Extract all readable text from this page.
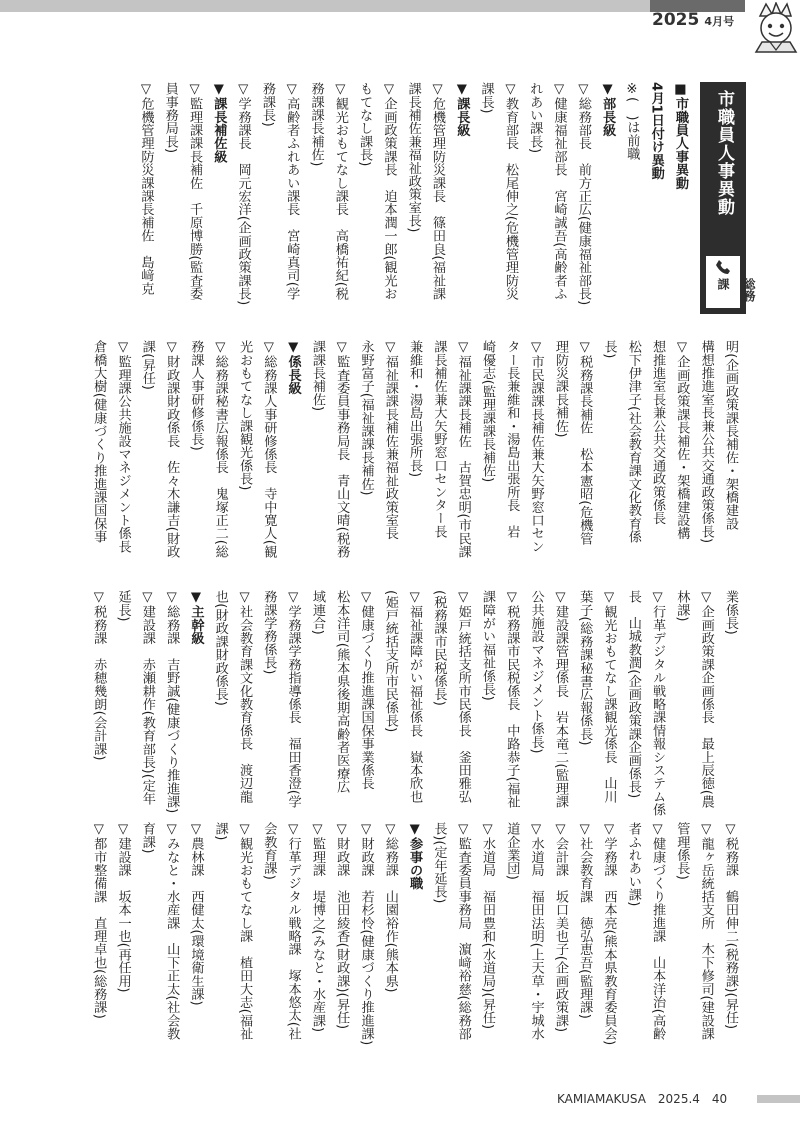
2025 4月号
市職員人事異動
総務課
明(企画政策課長補佐・架橋建設
構想推進室長兼公共交通政策係長)
▽企画政策課長補佐・架橋建設構
想推進室長兼公共交通政策係長
松下伊津子(社会教育課文化教育係
長)
▽税務課長補佐　松本憲昭(危機管
理防災課長補佐)
▽市民課課長補佐兼大矢野窓口セン
ター長兼維和・湯島出張所長　岩
崎優志(監理課課長補佐)
▽福祉課課長補佐　古賀忠明(市民課
課長補佐兼大矢野窓口センター長
兼維和・湯島出張所長)
▽福祉課課長補佐兼福祉政策室長
永野富子(福祉課課長補佐)
▽監査委員事務局長　青山文晴(税務
課課長補佐)
▼係長級
▽総務課人事研修係長　寺中寛人(観
光おもてなし課観光係長)
▽総務課秘書広報係長　鬼塚正二(総
務課人事研修係長)
▽財政課財政係長　佐々木謙吉(財政
課(昇任)
▽監理課公共施設マネジメント係長
倉橋大樹(健康づくり推進課国保事
■市職員人事異動
4月1日付け異動
※(　)は前職
▼部長級
▽総務部長　前方正広(健康福祉部長)
▽健康福祉部長　宮崎誠吾(高齢者ふ
れあい課長)
▽教育部長　松尾伸之(危機管理防災
課長)
▼課長級
▽危機管理防災課長　篠田良(福祉課
課長補佐兼福祉政策室長)
▽企画政策課長　迫本潤一郎(観光お
もてなし課長)
▽観光おもてなし課長　高橋祐紀(税
務課課長補佐)
▽高齢者ふれあい課長　宮崎真司(学
務課長)
▽学務課長　岡元宏洋(企画政策課長)
▼課長補佐級
▽監理課課長補佐　千原博勝(監査委
員事務局長)
▽危機管理防災課課長補佐　島﨑克
業係長)
▽企画政策課企画係長　最上辰徳(農
林課)
▽行革デジタル戦略課情報システム係
長　山城教潤(企画政策課企画係長)
▽観光おもてなし課観光係長　山川
葉子(総務課秘書広報係長)
▽建設課管理係長　岩本竜二(監理課
公共施設マネジメント係長)
▽税務課市民税係長　中路恭子(福祉
課障がい福祉係長)
▽姫戸統括支所市民係長　釜田雅弘
(税務課市民税係長)
▽福祉課障がい福祉係長　嶽本欣也
(姫戸統括支所市民係長)
▽健康づくり推進課国保事業係長
松本洋司(熊本県後期高齢者医療広
域連合)
▽学務課学務指導係長　福田香澄(学
務課学務係長)
▽社会教育課文化教育係長　渡辺龍
也(財政課財政係長)
▼主幹級
▽総務課　吉野誠(健康づくり推進課)
▽建設課　赤瀬耕作(教育部長)(定年
延長)
▽税務課　赤穂幾朗(会計課)
▽税務課　鶴田伸二(税務課)(昇任)
▽龍ヶ岳統括支所　木下修司(建設課
管理係長)
▽健康づくり推進課　山本洋治(高齢
者ふれあい課)
▽学務課　西本亮(熊本県教育委員会)
▽社会教育課　徳弘恵吾(監理課)
▽会計課　坂口美也子(企画政策課)
▽水道局　福田法明(上天草・宇城水
道企業団)
▽水道局　福田豊和(水道局)(昇任)
▽監査委員事務局　濵﨑裕慈(総務部
長)(定年延長)
▼参事の職
▽総務課　山園裕作(熊本県)
▽財政課　若杉怜(健康づくり推進課)
▽財政課　池田綾香(財政課)(昇任)
▽監理課　堤博之(みなと・水産課)
▽行革デジタル戦略課　塚本悠太(社
会教育課)
▽観光おもてなし課　植田大志(福祉
課)
▽農林課　西健太(環境衛生課)
▽みなと・水産課　山下正太(社会教
育課)
▽建設課　坂本一也(再任用)
▽都市整備課　直理卓也(総務課)
KAMIAMAKUSA　2025.4　40
